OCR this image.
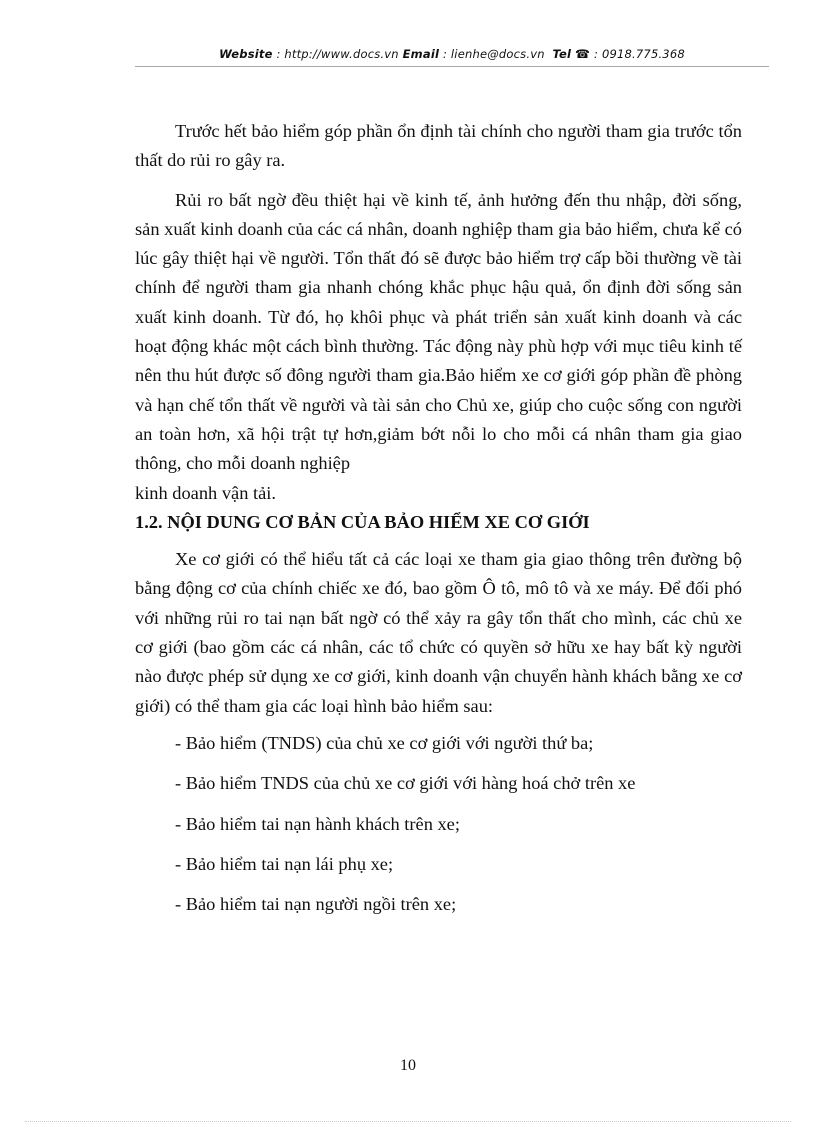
Website : http://www.docs.vn Email : lienhe@docs.vn Tel ☎ : 0918.775.368

Trước hết bảo hiểm góp phần ổn định tài chính cho người tham gia trước tổn thất do rủi ro gây ra.

Rủi ro bất ngờ đều thiệt hại về kinh tế, ảnh hưởng đến thu nhập, đời sống, sản xuất kinh doanh của các cá nhân, doanh nghiệp tham gia bảo hiểm, chưa kể có lúc gây thiệt hại về người. Tổn thất đó sẽ được bảo hiểm trợ cấp bồi thường về tài chính để người tham gia nhanh chóng khắc phục hậu quả, ổn định đời sống sản xuất kinh doanh. Từ đó, họ khôi phục và phát triển sản xuất kinh doanh và các hoạt động khác một cách bình thường. Tác động này phù hợp với mục tiêu kinh tế nên thu hút được số đông người tham gia.Bảo hiểm xe cơ giới góp phần đề phòng và hạn chế tổn thất về người và tài sản cho Chủ xe, giúp cho cuộc sống con người an toàn hơn, xã hội trật tự hơn,giảm bớt nỗi lo cho mỗi cá nhân tham gia giao thông, cho mỗi doanh nghiệp

kinh doanh vận tải.

1.2. NỘI DUNG CƠ BẢN CỦA BẢO HIỂM XE CƠ GIỚI

Xe cơ giới có thể hiểu tất cả các loại xe tham gia giao thông trên đường bộ bằng động cơ của chính chiếc xe đó, bao gồm Ô tô, mô tô và xe máy. Để đối phó với những rủi ro tai nạn bất ngờ có thể xảy ra gây tổn thất cho mình, các chủ xe cơ giới (bao gồm các cá nhân, các tổ chức có quyền sở hữu xe hay bất kỳ người nào được phép sử dụng xe cơ giới, kinh doanh vận chuyển hành khách bằng xe cơ giới) có thể tham gia các loại hình bảo hiểm sau:

- Bảo hiểm (TNDS) của chủ xe cơ giới với người thứ ba;

- Bảo hiểm TNDS của chủ xe cơ giới với hàng hoá chở trên xe

- Bảo hiểm tai nạn hành khách trên xe;

- Bảo hiểm tai nạn lái phụ xe;

- Bảo hiểm tai nạn người ngồi trên xe;

10
